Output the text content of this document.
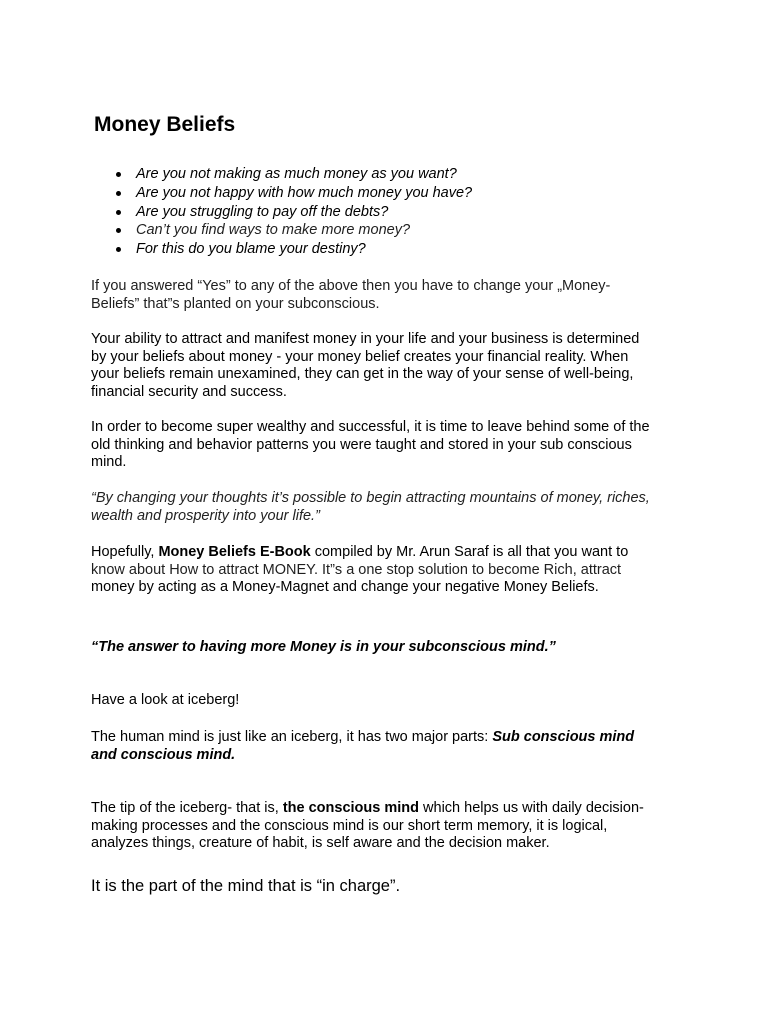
Money Beliefs
Are you not making as much money as you want?
Are you not happy with how much money you have?
Are you struggling to pay off the debts?
Can’t you find ways to make more money?
For this do you blame your destiny?

If you answered “Yes” to any of the above then you have to change your „Money-
Beliefs” that”s planted on your subconscious.

Your ability to attract and manifest money in your life and your business is determined
by your beliefs about money - your money belief creates your financial reality. When
your beliefs remain unexamined, they can get in the way of your sense of well-being,
financial security and success.

In order to become super wealthy and successful, it is time to leave behind some of the
old thinking and behavior patterns you were taught and stored in your sub conscious
mind.

“By changing your thoughts it’s possible to begin attracting mountains of money, riches,
wealth and prosperity into your life.”

Hopefully, Money Beliefs E-Book compiled by Mr. Arun Saraf is all that you want to
know about How to attract MONEY. It”s a one stop solution to become Rich, attract
money by acting as a Money-Magnet and change your negative Money Beliefs.

“The answer to having more Money is in your subconscious mind.”

Have a look at iceberg!

The human mind is just like an iceberg, it has two major parts: Sub conscious mind
and conscious mind.

The tip of the iceberg- that is, the conscious mind which helps us with daily decision-
making processes and the conscious mind is our short term memory, it is logical,
analyzes things, creature of habit, is self aware and the decision maker.

It is the part of the mind that is “in charge”.
